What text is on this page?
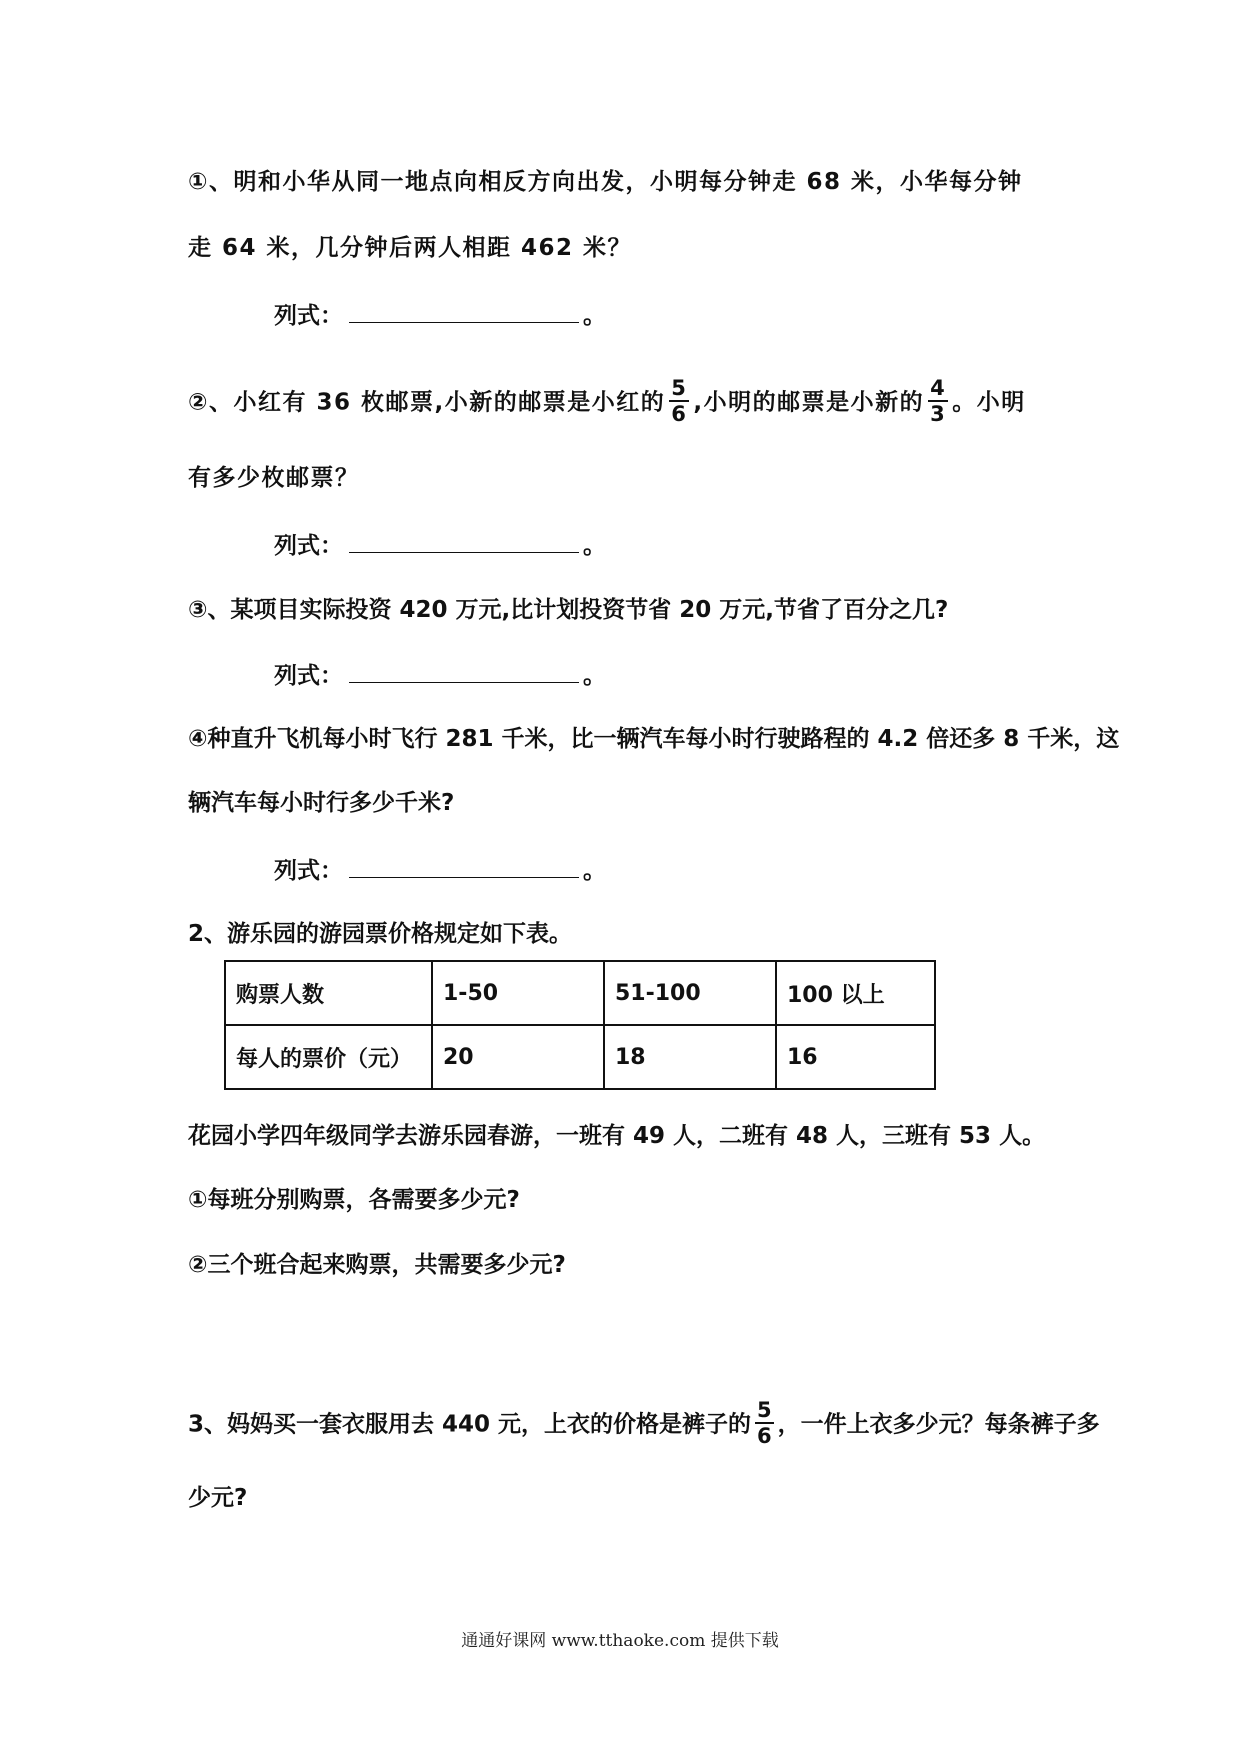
①、明和小华从同一地点向相反方向出发，小明每分钟走 68 米，小华每分钟
走 64 米，几分钟后两人相距 462 米？
列式：	。
②、小红有 36 枚邮票,小新的邮票是小红的 $\frac{5}{6}$ ,小明的邮票是小新的 $\frac{4}{3}$ 。小明
有多少枚邮票？
列式：	。
③、某项目实际投资 420 万元,比计划投资节省 20 万元,节省了百分之几?
列式：	。
④种直升飞机每小时飞行 281 千米，比一辆汽车每小时行驶路程的 4.2 倍还多 8 千米，这
辆汽车每小时行多少千米?
列式：	。
2、游乐园的游园票价格规定如下表。
购票人数	1-50	51-100	100 以上
每人的票价（元）	20	18	16
花园小学四年级同学去游乐园春游，一班有 49 人，二班有 48 人，三班有 53 人。
①每班分别购票，各需要多少元?
②三个班合起来购票，共需要多少元?
3、妈妈买一套衣服用去 440 元，上衣的价格是裤子的 $\frac{5}{6}$ ，一件上衣多少元？每条裤子多
少元?
通通好课网 www.tthaoke.com 提供下载
